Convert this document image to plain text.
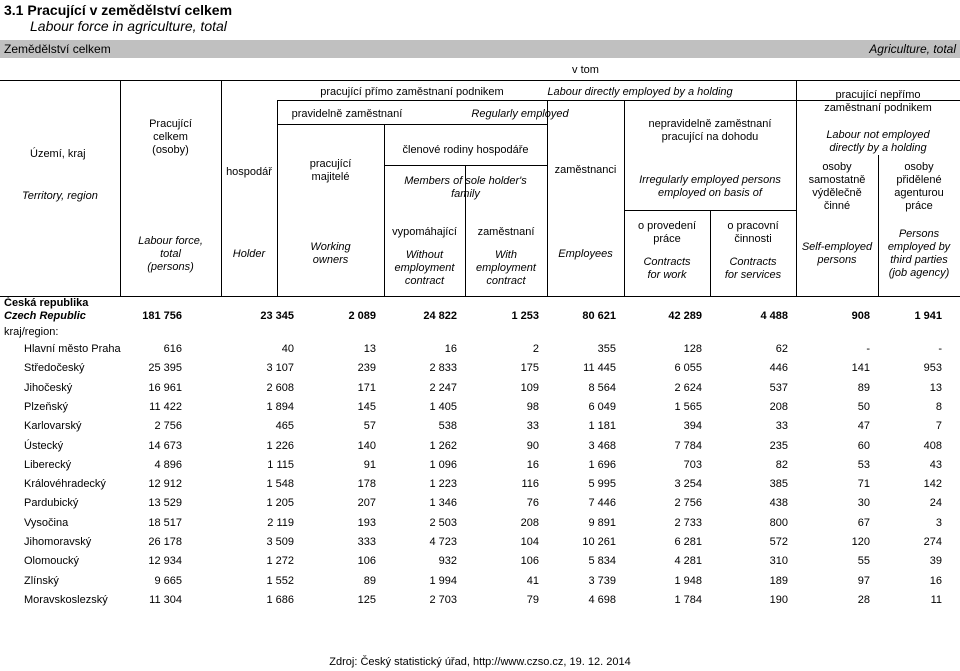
3.1 Pracující v zemědělství celkem
Labour force in agriculture, total
Zemědělství celkem	Agriculture, total
Území, kraj
Territory, region
Pracující
celkem
(osoby)
Labour force,
total
(persons)
v tom
pracující přímo zaměstnaní podnikem	Labour directly employed by a holding
pravidelně zaměstnaní	Regularly employed
hospodář
Holder
pracující
majitelé
Working
owners
členové rodiny hospodáře
Members of sole holder's
family
vypomáhající
Without
employment
contract
zaměstnaní
With
employment
contract
zaměstnanci
Employees
nepravidelně zaměstnaní
pracující na dohodu
Irregularly employed persons
employed on basis of
o provedení
práce
Contracts
for work
o pracovní
činnosti
Contracts
for services
pracující nepřímo
zaměstnaní podnikem
Labour not employed
directly by a holding
osoby
samostatně
výdělečně
činné
Self-employed
persons
osoby
přidělené
agenturou
práce
Persons
employed by
third parties
(job agency)
Česká republika
Czech Republic	181 756	23 345	2 089	24 822	1 253	80 621	42 289	4 488	908	1 941
kraj/region:
Hlavní město Praha	616	40	13	16	2	355	128	62	-	-
Středočeský	25 395	3 107	239	2 833	175	11 445	6 055	446	141	953
Jihočeský	16 961	2 608	171	2 247	109	8 564	2 624	537	89	13
Plzeňský	11 422	1 894	145	1 405	98	6 049	1 565	208	50	8
Karlovarský	2 756	465	57	538	33	1 181	394	33	47	7
Ústecký	14 673	1 226	140	1 262	90	3 468	7 784	235	60	408
Liberecký	4 896	1 115	91	1 096	16	1 696	703	82	53	43
Královéhradecký	12 912	1 548	178	1 223	116	5 995	3 254	385	71	142
Pardubický	13 529	1 205	207	1 346	76	7 446	2 756	438	30	24
Vysočina	18 517	2 119	193	2 503	208	9 891	2 733	800	67	3
Jihomoravský	26 178	3 509	333	4 723	104	10 261	6 281	572	120	274
Olomoucký	12 934	1 272	106	932	106	5 834	4 281	310	55	39
Zlínský	9 665	1 552	89	1 994	41	3 739	1 948	189	97	16
Moravskoslezský	11 304	1 686	125	2 703	79	4 698	1 784	190	28	11
Zdroj: Český statistický úřad, http://www.czso.cz, 19. 12. 2014
